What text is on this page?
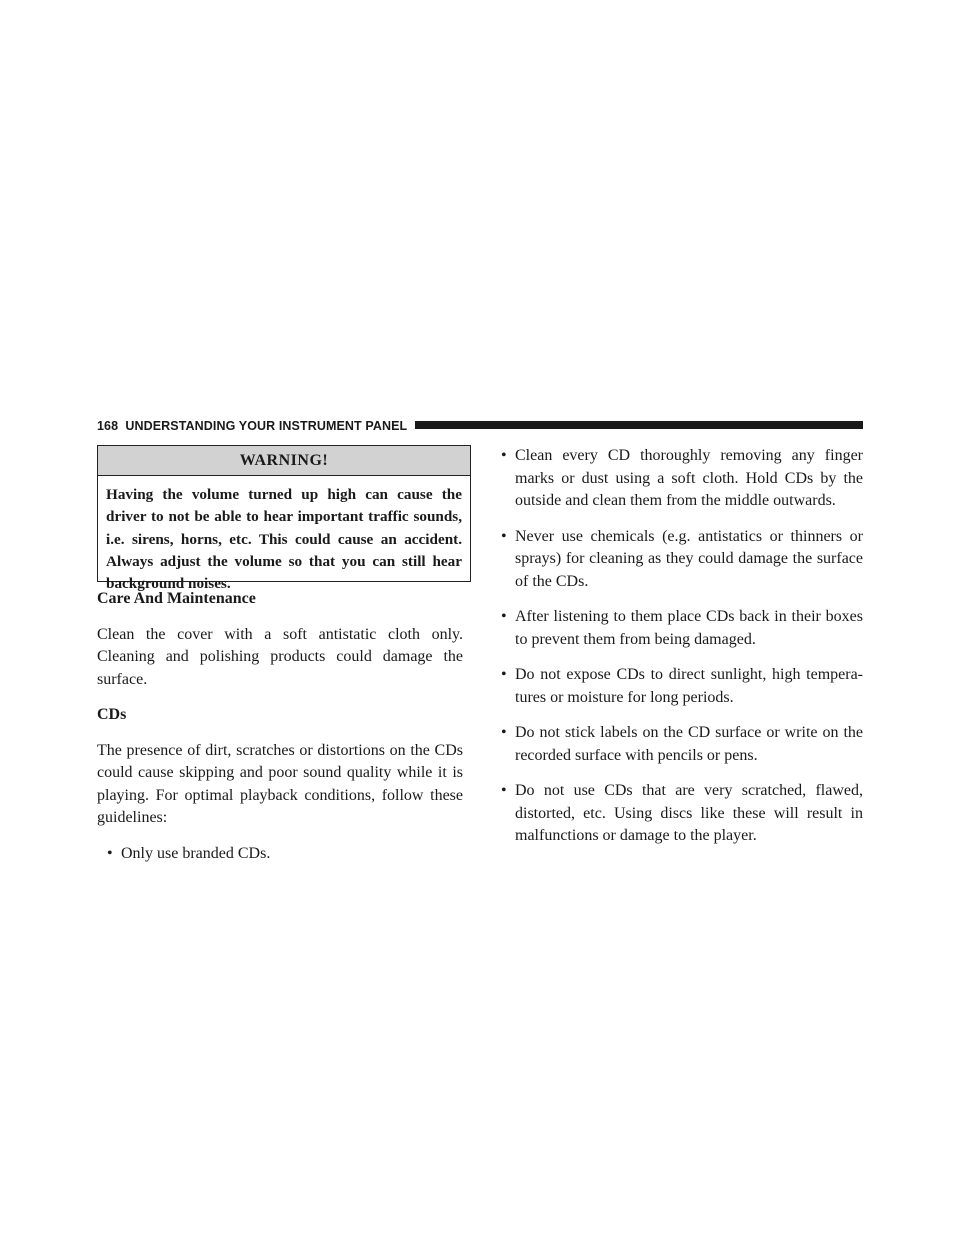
168 UNDERSTANDING YOUR INSTRUMENT PANEL
WARNING!
Having the volume turned up high can cause the driver to not be able to hear important traffic sounds, i.e. sirens, horns, etc. This could cause an accident. Always adjust the volume so that you can still hear background noises.
Care And Maintenance

Clean the cover with a soft antistatic cloth only. Cleaning and polishing products could damage the surface.

CDs

The presence of dirt, scratches or distortions on the CDs could cause skipping and poor sound quality while it is playing. For optimal playback conditions, follow these guidelines:

• Only use branded CDs.
• Clean every CD thoroughly removing any finger marks or dust using a soft cloth. Hold CDs by the outside and clean them from the middle outwards.
• Never use chemicals (e.g. antistatics or thinners or sprays) for cleaning as they could damage the surface of the CDs.
• After listening to them place CDs back in their boxes to prevent them from being damaged.
• Do not expose CDs to direct sunlight, high tempera-tures or moisture for long periods.
• Do not stick labels on the CD surface or write on the recorded surface with pencils or pens.
• Do not use CDs that are very scratched, flawed, distorted, etc. Using discs like these will result in malfunctions or damage to the player.
